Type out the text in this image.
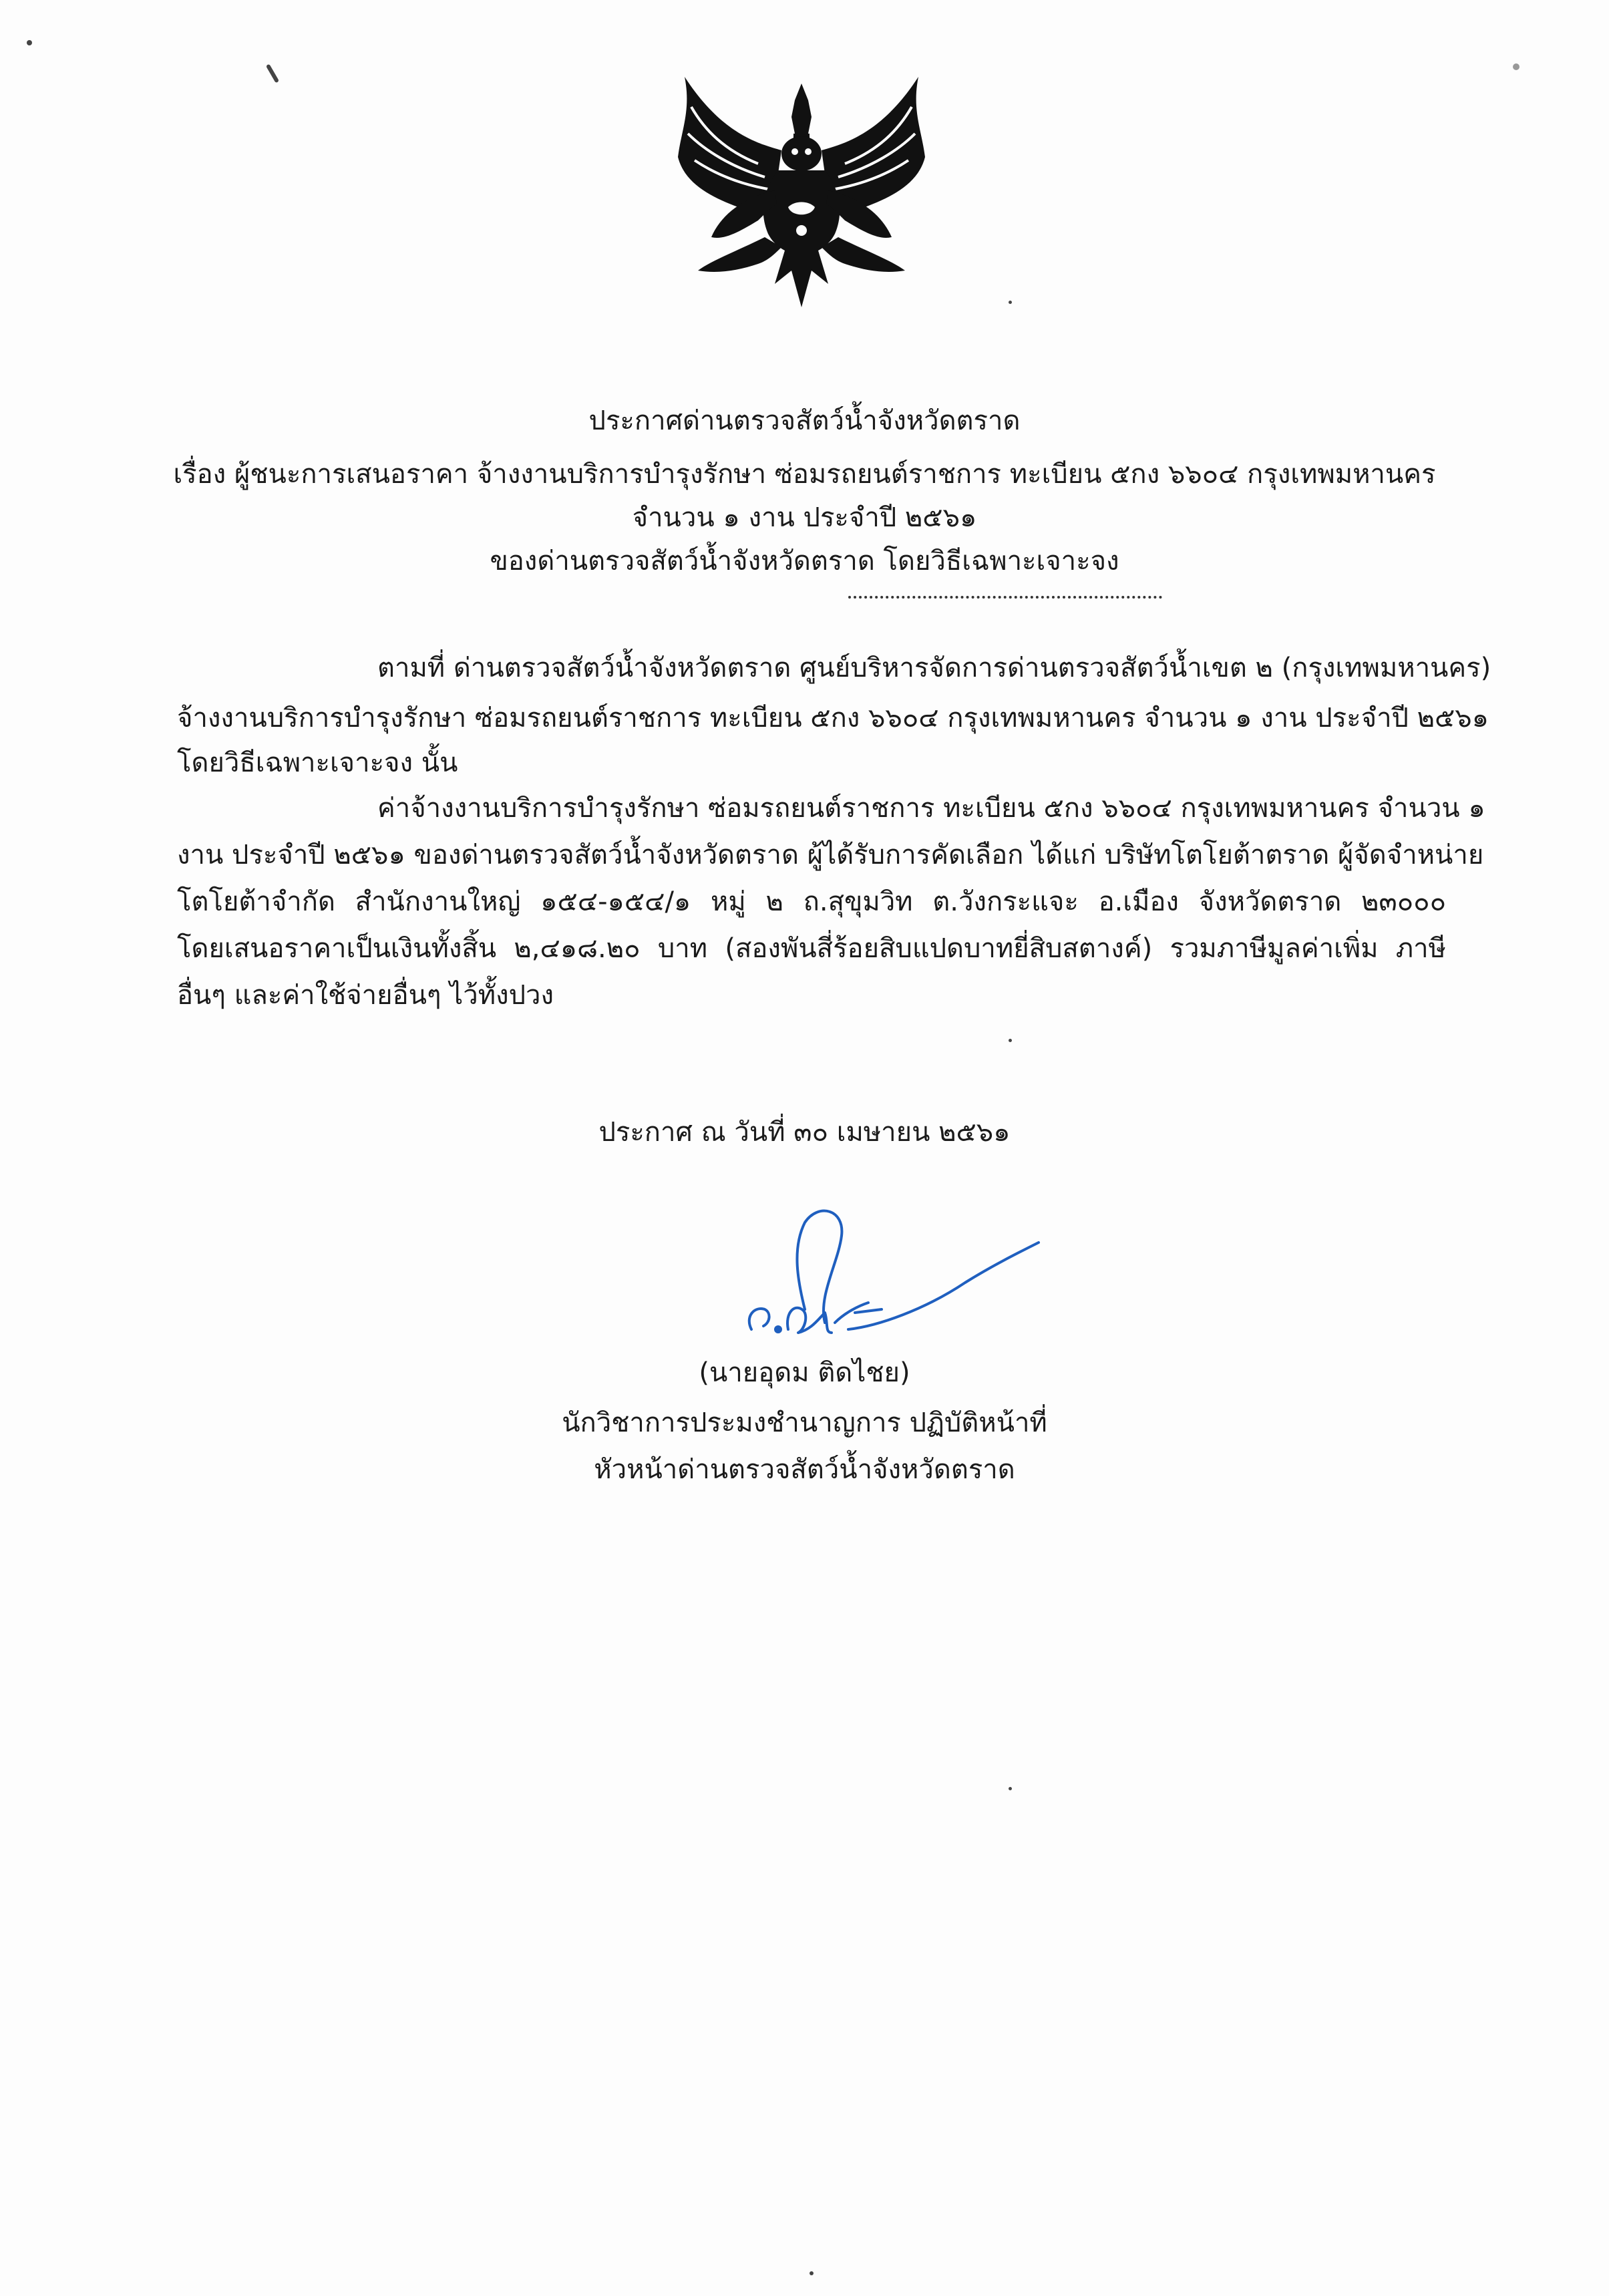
ประกาศด่านตรวจสัตว์น้ำจังหวัดตราด
เรื่อง ผู้ชนะการเสนอราคา จ้างงานบริการบำรุงรักษา ซ่อมรถยนต์ราชการ ทะเบียน ๕กง ๖๖๐๔ กรุงเทพมหานคร
จำนวน ๑ งาน ประจำปี ๒๕๖๑
ของด่านตรวจสัตว์น้ำจังหวัดตราด โดยวิธีเฉพาะเจาะจง
ตามที่ ด่านตรวจสัตว์น้ำจังหวัดตราด ศูนย์บริหารจัดการด่านตรวจสัตว์น้ำเขต ๒ (กรุงเทพมหานคร)
จ้างงานบริการบำรุงรักษา ซ่อมรถยนต์ราชการ ทะเบียน ๕กง ๖๖๐๔ กรุงเทพมหานคร จำนวน ๑ งาน ประจำปี ๒๕๖๑
โดยวิธีเฉพาะเจาะจง นั้น
ค่าจ้างงานบริการบำรุงรักษา ซ่อมรถยนต์ราชการ ทะเบียน ๕กง ๖๖๐๔ กรุงเทพมหานคร จำนวน ๑
งาน ประจำปี ๒๕๖๑ ของด่านตรวจสัตว์น้ำจังหวัดตราด ผู้ได้รับการคัดเลือก ได้แก่ บริษัทโตโยต้าตราด ผู้จัดจำหน่าย
โตโยต้าจำกัด สำนักงานใหญ่ ๑๕๔-๑๕๔/๑ หมู่ ๒ ถ.สุขุมวิท ต.วังกระแจะ อ.เมือง จังหวัดตราด ๒๓๐๐๐
โดยเสนอราคาเป็นเงินทั้งสิ้น ๒,๔๑๘.๒๐ บาท (สองพันสี่ร้อยสิบแปดบาทยี่สิบสตางค์) รวมภาษีมูลค่าเพิ่ม ภาษี
อื่นๆ และค่าใช้จ่ายอื่นๆ ไว้ทั้งปวง
ประกาศ ณ วันที่ ๓๐ เมษายน ๒๕๖๑
(นายอุดม ติดไชย)
นักวิชาการประมงชำนาญการ ปฏิบัติหน้าที่
หัวหน้าด่านตรวจสัตว์น้ำจังหวัดตราด
